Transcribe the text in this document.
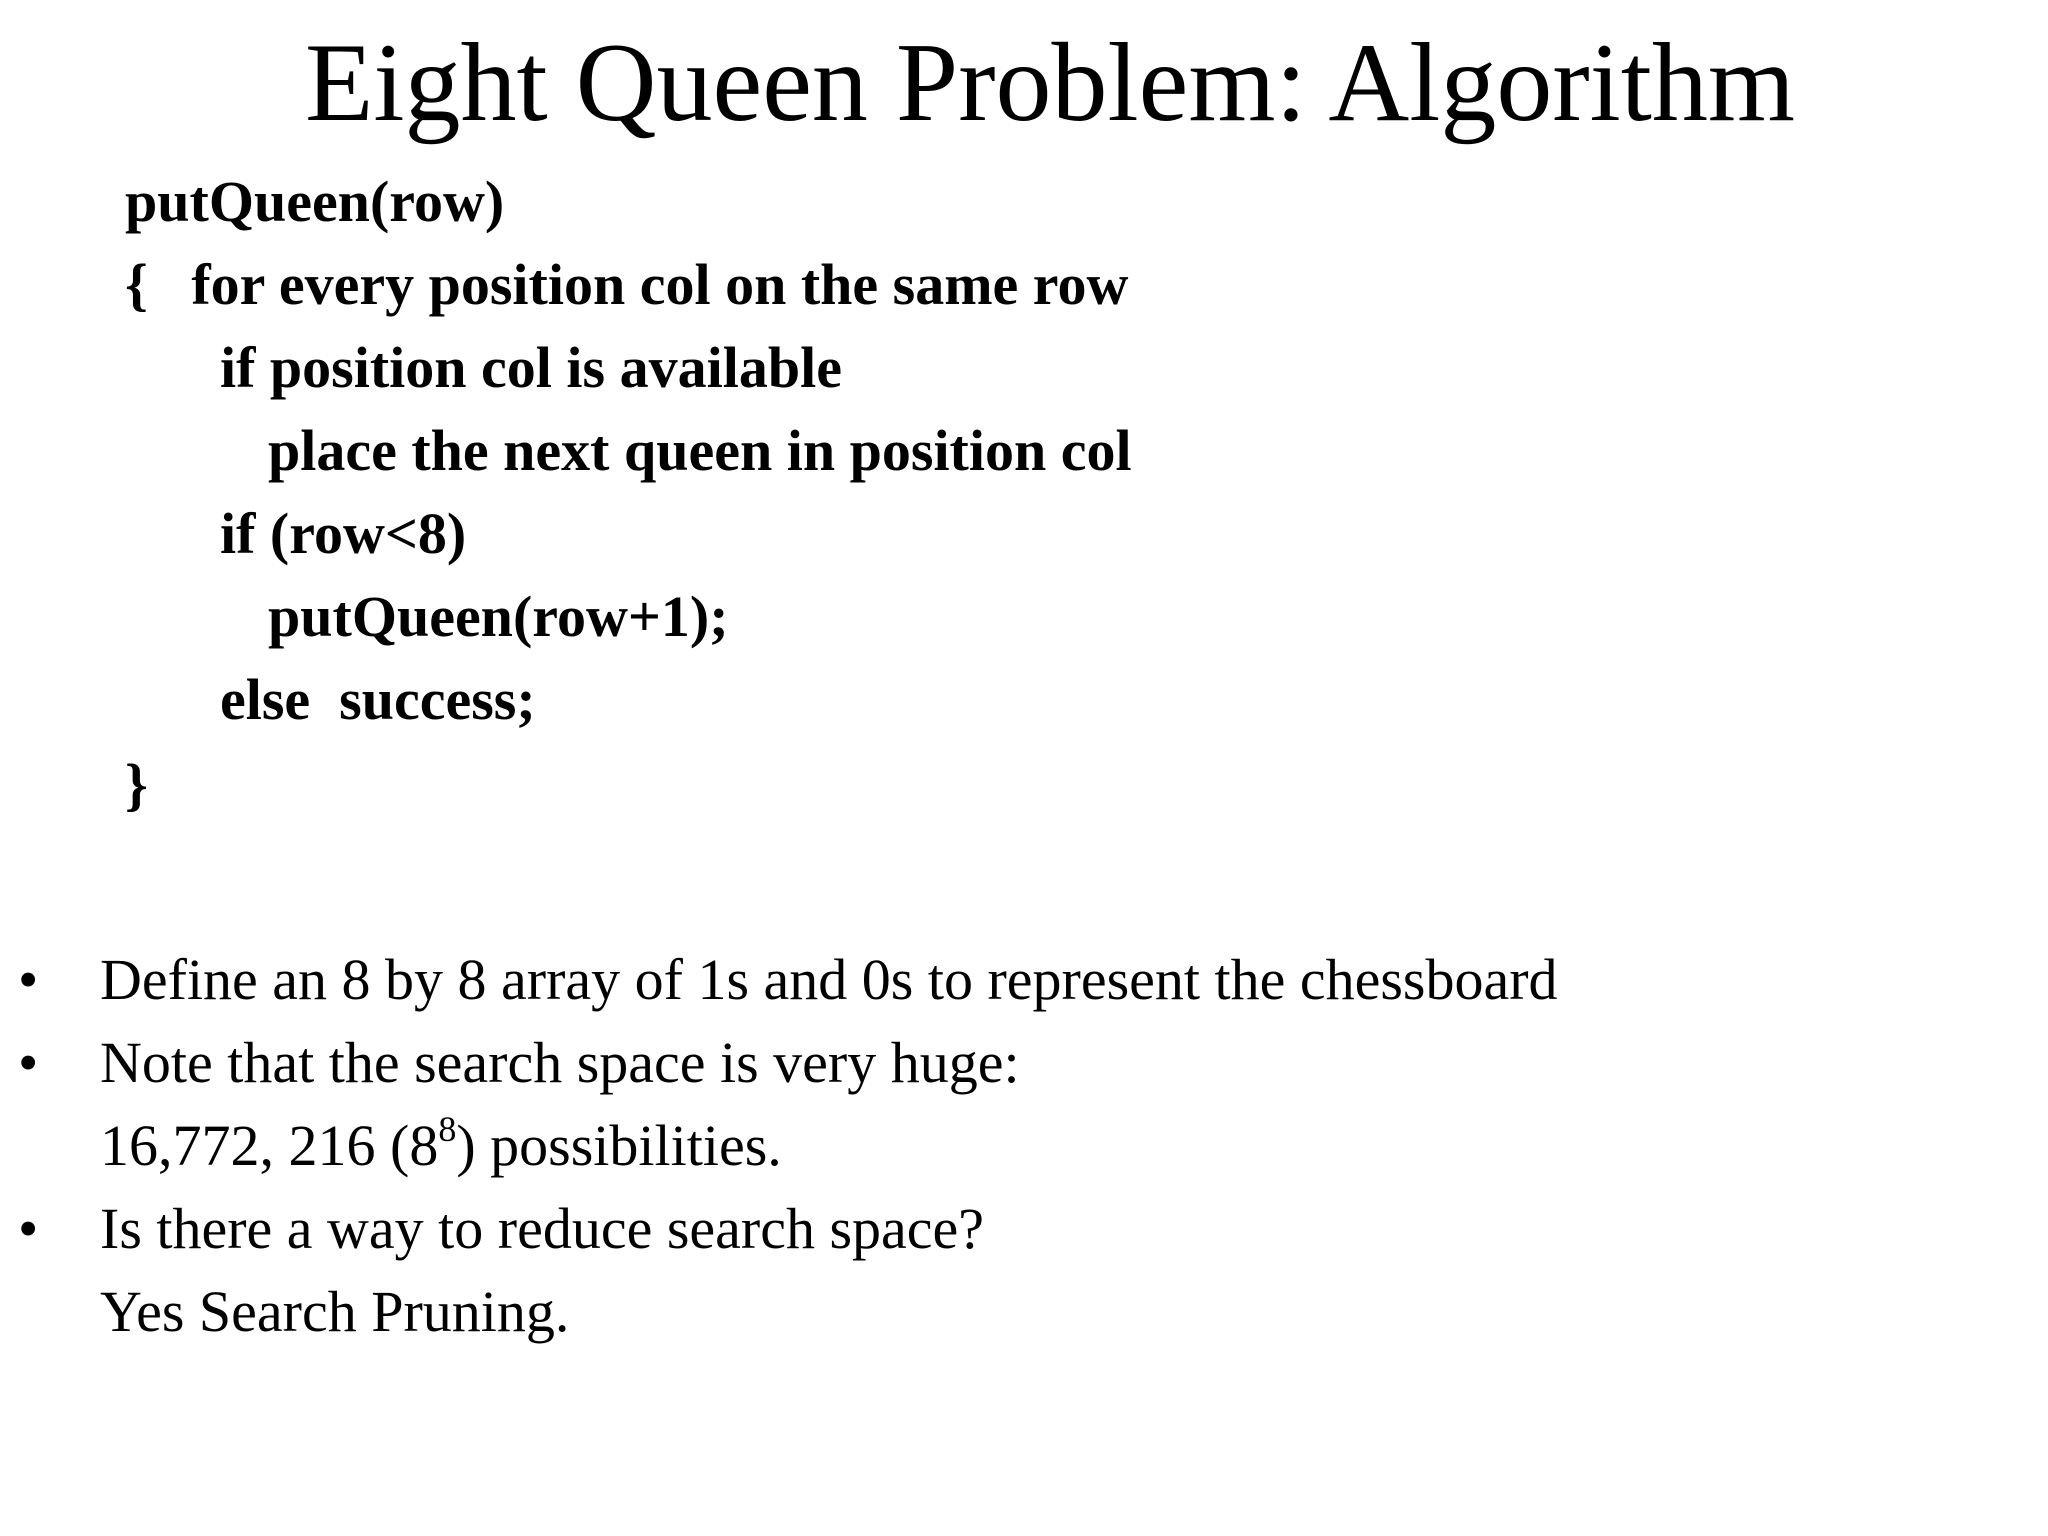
Eight Queen Problem: Algorithm
putQueen(row)
{   for every position col on the same row
if position col is available
place the next queen in position col
if (row<8)
putQueen(row+1);
else  success;
}
• Define an 8 by 8 array of 1s and 0s to represent the chessboard
• Note that the search space is very huge:
16,772, 216 $(8^8)$ possibilities.
• Is there a way to reduce search space?
Yes Search Pruning.
